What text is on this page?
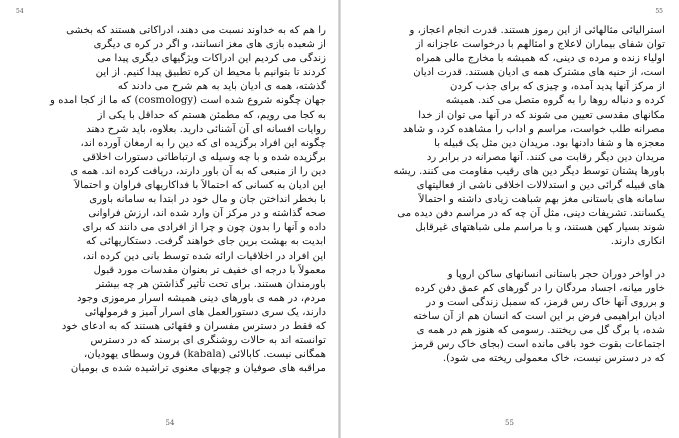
54
را هم که به خداوند نسبت می دهند، ادراکاتی هستند که بخشی
از شعبده بازی های مغز انسانند، و اگر در کره ی دیگری
زندگی می کردیم این ادراکات ویژگیهای دیگری پیدا می
کردند تا بتوانیم با محیط ان کره تطبیق پیدا کنیم. از این
گذشته، همه ی ادیان باید به هم شرح می دادند که
جهان چگونه شروع شده است (cosmology) که ما از کجا امده و
به کجا می رویم، که مطمئن هستم که حداقل با یکی از
روایات افسانه ای آن آشنائی دارید. بعلاوه، باید شرح دهند
چگونه این افراد برگزیده ای که دین را به ارمغان آورده اند،
برگزیده شده و با چه وسیله ی ارتباطاتی دستورات اخلاقی
دین را از منبعی که به آن باور دارند، دریافت کرده اند. همه ی
این ادیان به کسانی که احتمالاً با فداکاریهای فراوان و احتمالاً
با بخطر انداختن جان و مال خود در ابتدا به سامانه باوری
صحه گذاشته و در مرکز آن وارد شده اند، ارزش فراوانی
داده و آنها را بدون چون و چرا از افرادی می دانند که برای
ابدیت به بهشت برین جای خواهند گرفت. دستکاریهائی که
این افراد در اخلاقیات ارائه شده توسط بانی دین کرده اند،
معمولاً با درجه ای خفیف تر بعنوان مقدسات مورد قبول
باورمندان هستند. برای تحت تأثیر گذاشتن هر چه بیشتر
مردم، در همه ی باورهای دینی همیشه اسرار مرموزی وجود
دارند، یک سری دستورالعمل های اسرار آمیز و فرمولهائی
که فقط در دسترس مفسران و فقهائی هستند که به ادعای خود
توانسته اند به حالات روشنگری ای برسند که در دسترس
همگانی نیست. کابالائی (kabala) قرون وسطای یهودیان،
مراقبه های صوفیان و چوبهای معنوی تراشیده شده ی بومیان
54
55
استرالیائی مثالهائی از این رموز هستند. قدرت انجام اعجاز، و
توان شفای بیماران لاعلاج و امثالهم با درخواست عاجزانه از
اولیاء زنده و مرده ی دینی، که همیشه با مخارج مالی همراه
است، از حنیه های مشترک همه ی ادیان هستند. قدرت ادیان
از مرکز آنها پدید آمده، و چیزی که برای جذب کردن
کرده و دنباله روها را به گروه متصل می کند. همیشه
مکانهای مقدسی تعیین می شوند که در آنها می توان از خدا
مصرانه طلب خواست، مراسم و اداب را مشاهده کرد، و شاهد
معجزه ها و شفا دادنها بود. مریدان دین مثل یک قبیله با
مریدان دین دیگر رقابت می کنند. آنها مصرانه در برابر رد
باورها پشتان توسط دیگر دین های رقیب مقاومت می کنند. ریشه
های قبیله گرائی دین و استدلالات اخلاقی ناشی از فعالیتهای
سامانه های باستانی مغز بهم شباهت زیادی داشته و احتمالاً
یکسانند. تشریفات دینی، مثل آن چه که در مراسم دفن دیده می
شوند بسیار کهن هستند، و با مراسم ملی شباهتهای غیرقابل
انکاری دارند.
در اواخر دوران حجر باستانی انسانهای ساکن اروپا و
خاور میانه، اجساد مردگان را در گورهای کم عمق دفن کرده
و برروی آنها خاک رس قرمز، که سمبل زندگی است و در
ادیان ابراهیمی فرض بر این است که انسان هم از آن ساخته
شده، یا برگ گل می ریختند. رسومی که هنوز هم در همه ی
اجتماعات بقوت خود باقی مانده است (بجای خاک رس قرمز
که در دسترس نیست، خاک معمولی ریخته می شود).
55
